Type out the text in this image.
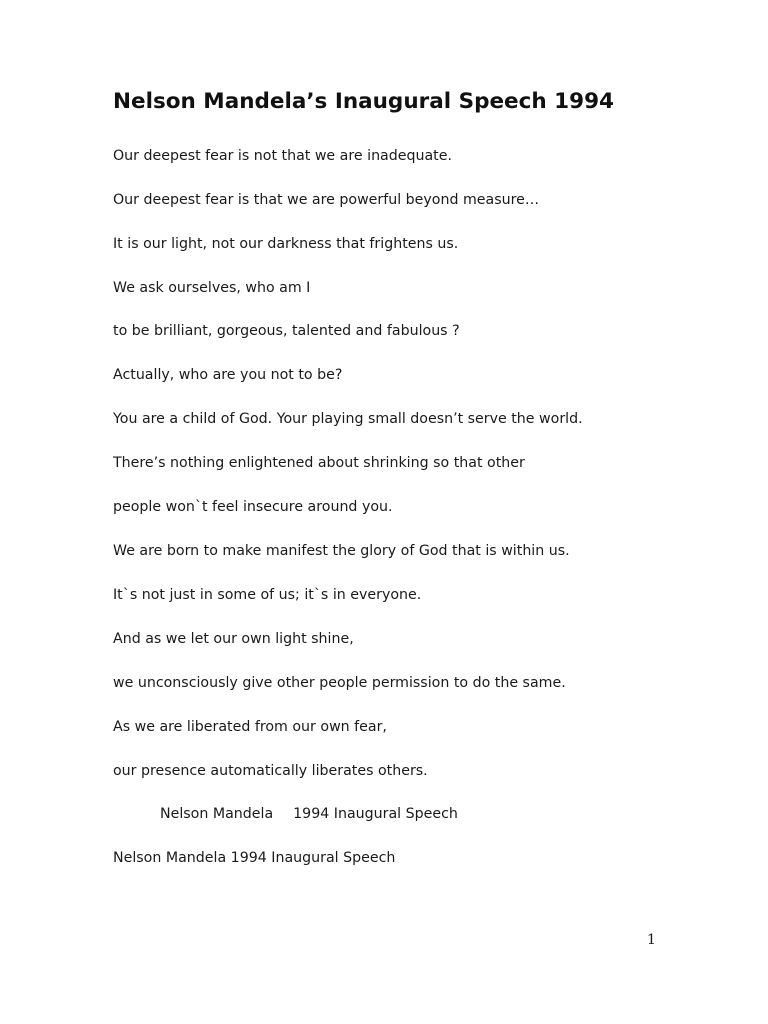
Nelson Mandela’s Inaugural Speech 1994

Our deepest fear is not that we are inadequate.

Our deepest fear is that we are powerful beyond measure…

It is our light, not our darkness that frightens us.

We ask ourselves, who am I

to be brilliant, gorgeous, talented and fabulous ?

Actually, who are you not to be?

You are a child of God. Your playing small doesn’t serve the world.

There’s nothing enlightened about shrinking so that other

people won`t feel insecure around you.

We are born to make manifest the glory of God that is within us.

It`s not just in some of us; it`s in everyone.

And as we let our own light shine,

we unconsciously give other people permission to do the same.

As we are liberated from our own fear,

our presence automatically liberates others.

Nelson Mandela 1994 Inaugural Speech

Nelson Mandela 1994 Inaugural Speech

1
